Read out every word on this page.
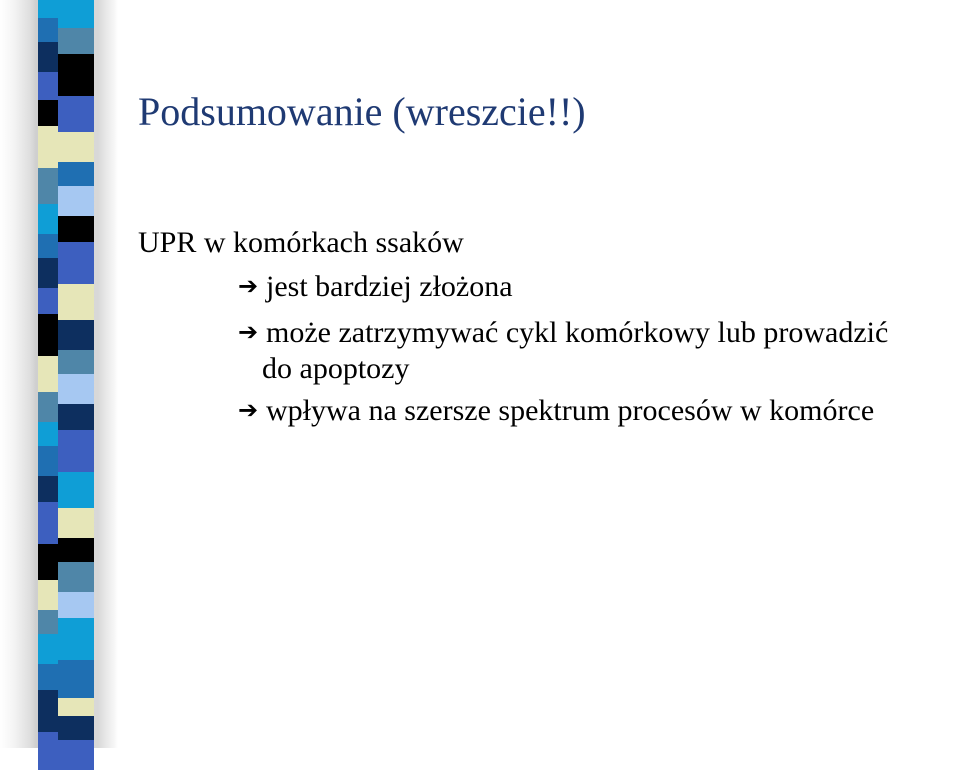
Podsumowanie (wreszcie!!)

UPR w komórkach ssaków

➔ jest bardziej złożona

➔ może zatrzymywać cykl komórkowy lub prowadzić

do apoptozy

➔ wpływa na szersze spektrum procesów w komórce
